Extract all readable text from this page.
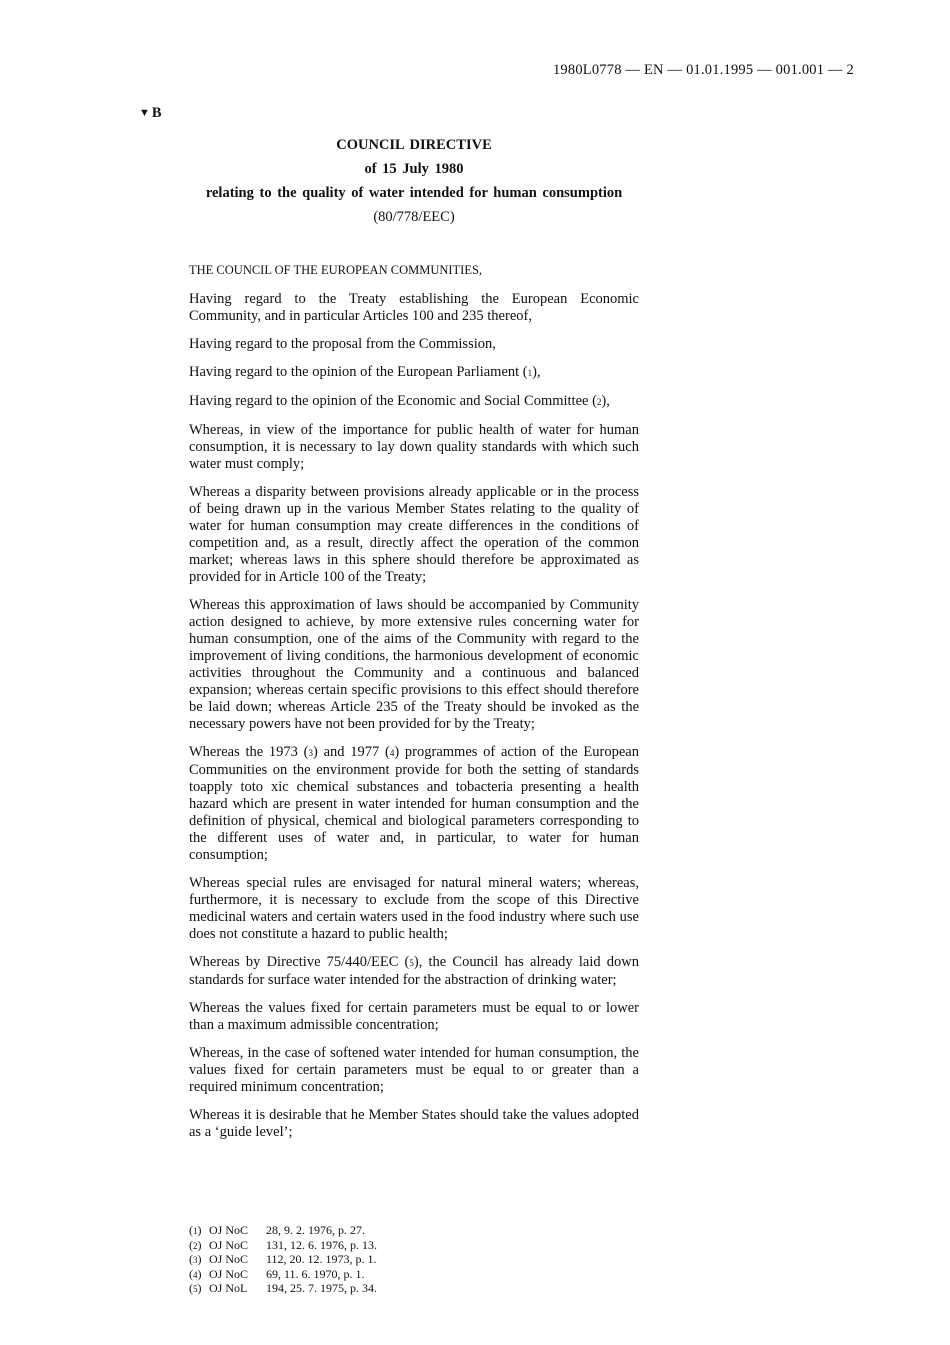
1980L0778 — EN — 01.01.1995 — 001.001 — 2
▼ B
COUNCIL DIRECTIVE
of 15 July 1980
relating to the quality of water intended for human consumption
(80/778/EEC)

THE COUNCIL OF THE EUROPEAN COMMUNITIES,

Having regard to the Treaty establishing the European Economic Community, and in particular Articles 100 and 235 thereof,

Having regard to the proposal from the Commission,

Having regard to the opinion of the European Parliament (1),

Having regard to the opinion of the Economic and Social Committee (2),

Whereas, in view of the importance for public health of water for human consumption, it is necessary to lay down quality standards with which such water must comply;

Whereas a disparity between provisions already applicable or in the process of being drawn up in the various Member States relating to the quality of water for human consumption may create differences in the conditions of competition and, as a result, directly affect the operation of the common market; whereas laws in this sphere should therefore be approximated as provided for in Article 100 of the Treaty;

Whereas this approximation of laws should be accompanied by Community action designed to achieve, by more extensive rules concerning water for human consumption, one of the aims of the Community with regard to the improvement of living conditions, the harmonious development of economic activities throughout the Community and a continuous and balanced expansion; whereas certain specific provisions to this effect should therefore be laid down; whereas Article 235 of the Treaty should be invoked as the necessary powers have not been provided for by the Treaty;

Whereas the 1973 (3) and 1977 (4) programmes of action of the European Communities on the environment provide for both the setting of standards toapply toto xic chemical substances and tobacteria presenting a health hazard which are present in water intended for human consumption and the definition of physical, chemical and biological parameters corresponding to the different uses of water and, in particular, to water for human consumption;

Whereas special rules are envisaged for natural mineral waters; whereas, furthermore, it is necessary to exclude from the scope of this Directive medicinal waters and certain waters used in the food industry where such use does not constitute a hazard to public health;

Whereas by Directive 75/440/EEC (5), the Council has already laid down standards for surface water intended for the abstraction of drinking water;

Whereas the values fixed for certain parameters must be equal to or lower than a maximum admissible concentration;

Whereas, in the case of softened water intended for human consumption, the values fixed for certain parameters must be equal to or greater than a required minimum concentration;

Whereas it is desirable that he Member States should take the values adopted as a ‘guide level’;

(1) OJ NoC	28, 9. 2. 1976, p. 27.
(2) OJ NoC	131, 12. 6. 1976, p. 13.
(3) OJ NoC	112, 20. 12. 1973, p. 1.
(4) OJ NoC	69, 11. 6. 1970, p. 1.
(5) OJ NoL	194, 25. 7. 1975, p. 34.
